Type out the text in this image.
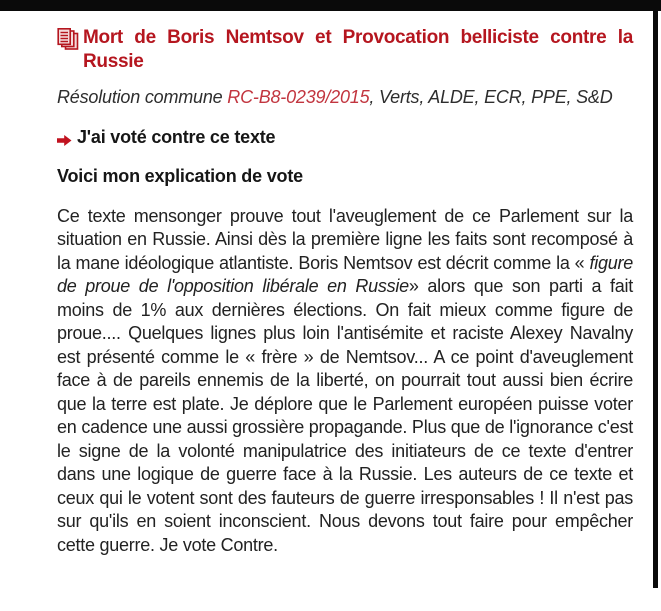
Mort de Boris Nemtsov et Provocation belliciste contre la Russie

Résolution commune RC-B8-0239/2015, Verts, ALDE, ECR, PPE, S&D

J'ai voté contre ce texte

Voici mon explication de vote

Ce texte mensonger prouve tout l'aveuglement de ce Parlement sur la situation en Russie. Ainsi dès la première ligne les faits sont recomposé à la mane idéologique atlantiste. Boris Nemtsov est décrit comme la « figure de proue de l'opposition libérale en Russie» alors que son parti a fait moins de 1% aux dernières élections. On fait mieux comme figure de proue.... Quelques lignes plus loin l'antisémite et raciste Alexey Navalny est présenté comme le « frère » de Nemtsov... A ce point d'aveuglement face à de pareils ennemis de la liberté, on pourrait tout aussi bien écrire que la terre est plate. Je déplore que le Parlement européen puisse voter en cadence une aussi grossière propagande. Plus que de l'ignorance c'est le signe de la volonté manipulatrice des initiateurs de ce texte d'entrer dans une logique de guerre face à la Russie. Les auteurs de ce texte et ceux qui le votent sont des fauteurs de guerre irresponsables ! Il n'est pas sur qu'ils en soient inconscient. Nous devons tout faire pour empêcher cette guerre. Je vote Contre.
